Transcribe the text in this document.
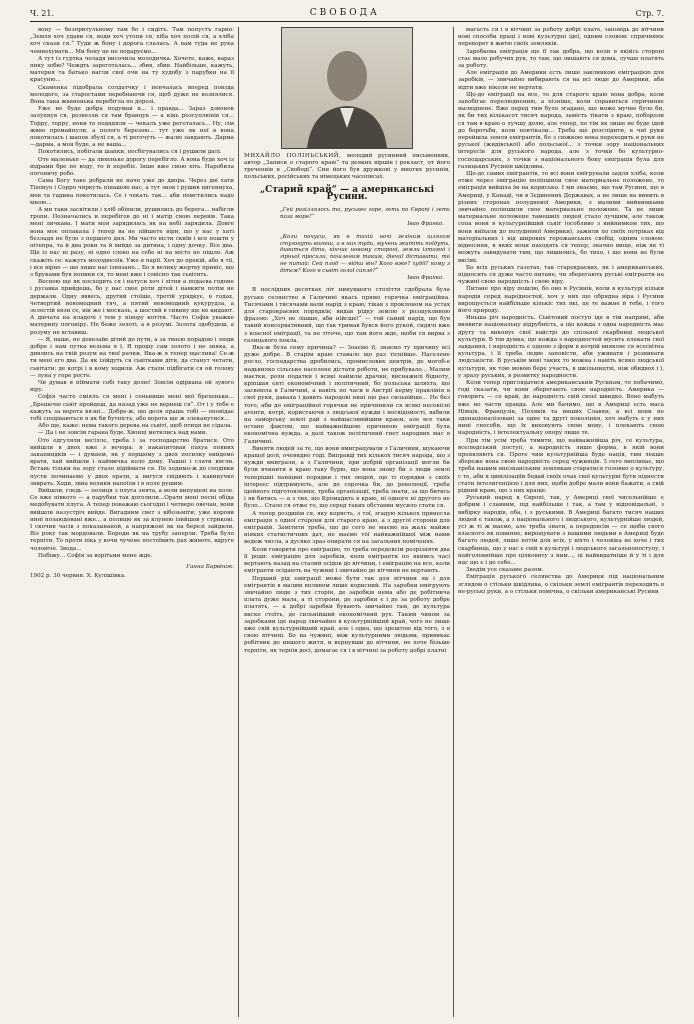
Ч. 21.	СВОБОДА	Стр. 7.

вону — безпритульному там бо і сидітъ. Там попустъ гарно: „Земля хоч удави ся, води хоч утопи ся, хіба хоч полій ся, а хліба хоч скази ся.“ Туди ж бону і дорогa слалась. А вам туда не рука чемнехувати... Ми бону це не подаруємо...

А тут із гуртка чоладя височила молодичка. Хочете, каже, вараз пику зобю? Чеждть зареготалась... збив, збив. Найбільше, кажуть, матерня та батько нагли свої очи на ту худобу з парубки на її красуню...

Скаменка підобрала солдатчку і пенчалась вперед повзда молодого, за старостами перебнаючи ся, щоб дуже не вознялися. Вона така жваненька перебігла по дорозі.

Уже не буде добра подумав я... і правда... Зараз дзвонок залупнув ся, розвезли ся там бранцув — а кінь розсуплюнів ся... Торру, торру, нони то подядяли — чекалъ уже реготалась... Ну, сім живо промайнули, а полого березою... тут уже як неї в вона покотилась і шапок збулї ся, а ті регочуть — жалю завдають. Дарма—дарма, а моя буде, а не ваша...

Покотились, побігали шапки, посбігувались ся і рушили далі.

Оте маленьке — да лихенькe дорогу перебігло. А вона буде хоч із відрами бре по воду, то й перебіє. Інше вже свою хіть. Наробила погоничу робо.

Сама Богу такe добрали не наче уже до двора. Через дві хати Тіхонуо і Сорро чиркуть пінашою нас, а тут знов і рушив цигениуха, мов та гадина покотилась. Се і чекать так... аби помстились надо мною...

А ми таки засвітили і хліб обіпили, рушились до берега... набігли тропи. Позначались и перебігов до ні і матір свою перевів. Така мені личкава. І мати моя зарядилась як на небі зарядила. Довге вона моє оплакала і тепер ва не пійшете віри, що у нас у хаті безладя не було з першого дня. Ми часто вісти скиїи і все пошти у пітепра, та й два роки та й вийде за дитина, і одну дочку. Все два. Ще із нас ні разу, ні одно слово на себе ні на місто не пішло. Аж скажіть се: кажуть молодюсоїв. Уже я парії. Хоч до прекій, або я тії, і все вірно — шо лише нас ізвязано... Бо я велику жертву приніс, що з бруками був попики ся, то мені вже і совісно так сьвітить.

Весною ще як посходить ся і натуси хоч і літня а подаєва годоне і русавка прийдешь, бо у нас свое роти дітей і навкиги потім не держали. Одну вввесь, другий стоїше, третій урядкує, в годах, четвертий новомодний тяч, а пятий невомодний кукурудза, а зелостій вязи се, віи же і москаль, а шостий в сивину ще не кидают. А дівчата на кладочі і тем у півору котіти. Часто Софія уважке материну погоніру. Не беже золоті, а в розумі. Золота здобудеш, а розуму не вставиш.

— Я, наше, не довезайe дітий до пути, а за твоєю порадою і люди добре і нам путка вельма я ї, Я прошу сам золото і не зияка, а дивлись на твій розум на твої рачки. Яка-ж я тепер щаслива! Се-ж ти мені его два. Да як ізійдуть ся сьвітками діти, да станут четати, сьвітати: де котрі і в кому ходили. Аж стали підбігати ся ой голову — луна у горе росте.

Чи думав я пїймати собі таку долю! Зовсім одірвана ой зувого віру.

Софія часто сміялъ ся мені і сеньнише мені мої брехеньки... „Брешечю сьвіт пройдеш, да назад уже не вернеш ся“. От і у тебе є кажуть за ворота вязні... Добре-ж, що доля прашь тобі — оповідає тобі сподіваються я як би бутність, або ворота ще ж злеканутися...

Або ще, каже: нема такого дерева на сьвіті, щоб птиця не сідала.

— Да і не зовсім гарана буде. Хвонці метились над нами.

Ото одгуляли весіллє, треба і за господарство братися. Ото вийшли в двох вже з вечора: я накапитовав пахуа повних закапиндків — і думаем, як у першому з двох посилку вийдемо врати, хай вийшли і наймичка коло дому. Рашні і слати вягли. Вставь тільки на зору стало підіймати ся. Пе ходимо-ж до сподівки пусти починаємо у двох орати, а вигуся свідяють і кавинучко звирать. Ходи, звиа волики напоїли і в поле рушим.

Вийшли, гледь — полиця з плуга знята, а воли випущені на поле. Се вже півкото — a парубки так доголили...Орати мені посні обіда медобувати плуга. А тепер поважаю сьогодні і четверо овечан, вони вийшли назустріч вийде. Вигадним свет з вібозьміти; уже корови нині позаюдовані вже... а полицю як за клунею ізийшов у стрикові. І скочив часів з показываной, а напряжоні як на березі зайдили. Віз року так мордовали. Бороди як на трубу заперли. Треба було терпіти. То проти пікь у вочи чучене постоїмить рах животе, вдруге чоловіче. Звода...

Побіжу... Софія за ворітьми мене жде.

Ганна Барвінок.
1902 р. 30 червня. Х. Кулішівка.
МИХАЙЛО ПОЛІНЬСЬКИЙ, молодий русиниий письменник, автор „Записи о старого краю“ та деяких віршів і рекласт, от його тречеонів в „Свободі“. Син його був дружкові у многих русинів, польських, російських та німецьких часописах.
„Старий край“ — a американські Русини.
„Гей розіллялось то, руськеє горе, геть по Європі і геть поза море!“
Іван Франко.
„Коли почуєш, як в тихій ночі зеліним шляхом стугонуть вагони, а в них туди, мучень житіть поїдуть, дивиться діти, кінчиє новому сторонi, земли ізтомні і гірньої просили, пошленим таким, дівчиї діставати, то не питай: Сей плод — відки він? Кого вже? худії? кому з дітєм? Кого в сьвіт голої сипле?“
Іван Франко.

В послідних десятках літ нинувшого століття сдобрала була руське селянство в Галичині якась прямо горячка еміграційна. Тисячами і тисячами вали нарід з краю; тікав з проклоном на устах для старокраєвих порядків; видав рідку землю з розщукливою фразою: „Хоч не лішше, аби нійсше!“ — той самий нарід, що був такий консервативний, що так тримав бувся його рукой, сидячі вже з власної еміграції, та не тіточе, що там його жде, щоби ся вирва з галицького пекла.

Яка-ж була сему причина? — Зоаємо її, знаємо ту причину всі дуже добре. В старім краю ставало що раз тіснійше. Населене росло, господарства дробились, промислових центрів, де могоб-е надьвилко сільське населене дістати роботи, не прибувало... Малим маєтки, роли податки і всякі наймлы драчки, виснажилі бідноту, кріпшая єнтi економічний і політичний, бо польська шляхта, що засвоюла в Галичині, а навіть по часи в Австрії керму правлінія в свої руки, давала і давить народові нині що раз сильнійше... Не без того, аби до еміграційної горячки не причинили ся всякі несовісні агенти, котрі, користаючи з людської нужди і несвідомості, вабили на заморську землі рай з найшасливійшим краєм, але все таки остане фактом, що найважнійшою причиною еміграції була економічна нужда, а далі також політичний гнет народних мас в Галичині.

Виняти людей за те, що вони вмиграцували з Галичини, шукаючи кращої долі, очевидно годі. Виправді тих кількох тисяч народа, що з нужди вмиграли, а з Галичини, при добрій організації могли би були вчинити в краю таку бурю, що вона знову би з люди землі теперішні панщині порядки і тих людей, що ті порядки з своїх інтереєс підтримують, але до сорочка би, до революції, треба ідейного підготовлення, треба організації, треба знати, за що битись і як битись — а з тих, що Кромадить в краю, ні одного ні другого не було... Стало ся отже то, що серед таких обставин мусило стати ся.

А тепер роздивім ся, яку користь, з тої, згадую кількох принесла еміграція з одної сторони для старого краю, а з другої сторони для еміграцій. Замітити треба, що до сего не маємо на жаль майже ніяких статистичних дат, не маємо тої найважнійшої між нами ведеж числа, а дусяко зраз опирати ся на загальних поміченях.

Коли говорити про еміграцію, то треба передовсім розрізняти два її роди: еміграцію для заробків, коли еміграпти по якимсь часі вертають назад на сталий осідок до вітчини, і еміграцію на все, коли еміграпти осідають на чужині і звичайно до вітчини не вертають.

Перший рід еміграції може бути так для вітчини як і для емігрантів в малим впливом лише корисний. На заробки емігрують звичайно люде з тих сторін, де заробків нема або де робітнича плата дуже мала, а ті сторони, де заробки є і де за роботу добре платять, — а добрі заробки бувають звичайно там, де культура вискe стоїть, де сильнійший економічний рух. Таким чином за заробками іде народ звичайно в культурнійший край, чого не лише вже свій культурнійший край, але і одна, що зрештою від того, з в свою вітчині. Бо на чужині, між культурними людьми, привикає робітник до иншого житя, и вернувши до вітчини, не хоче більше терпіти, як терпів досі, домагає ся і в вітчині за роботу добрі платні

магасть ся і в вітчині за роботу добрі плате, заповідь до вітчини нові способи праці і нові культурні ідеї, одним словом: спричинює переворот в житю своїх земляків.

Заробкова еміграція ще її так добра, що коли в якійсь стороні стає мало робучих рук, то там, що лишають ся дома, лучше платять за роботу.

Але еміграція до Америки єсть лише заклинкою еміграцією для заробків, — звичайно вибирають ся на всі люде до Америки, аби відти вже нікoли не вертати.

Що-до еміграції на все, то для старого краю вона добра, коли запобігає перелюднению, а пізніше, коли справиться спричиняє вылюднене. Вже перед тим було згадано, що може мучне було би, як би тих кількасот тисяч народа, замість тікати з краю, побороли ся там в краю о лучшу долю, але тепер, по тім як лише не буде ідей до боротьби, коли повтікали... Треба ще розслідити, в чиї руки перейшла земля емігрантів, бо з сюжкою вона переходить в руки не руської (жидівської) або польської... з точки зору національних інтересів для руського народа, але з точки бо культурно-господарських, з точки з національного боку еміграція була для галицьких Русинів шкідлива.

Що-до самих емігрантів, то всі вони емігрували задля хліба, коли отже через еміграцію поліпшили свое материальне положене, то еміграція вийшла їм на корисько. І ми знаємо, що там Русини, що в Америці, у Канаді, чи в Зєдинених Державах, а не лише на винить в різних сторонах полудневої Америки, з малими вийнимками звичайно поліпшили свое материальне положене. Та не лише материальне положене тамешніх людей стало лучшим, але також сопа вони в кульгурнійший сьвіт (особливо з вийнимком тих, що вони виїхали до полудневої Америки), зажили по своїх потріках від матеріальних і від широких горожанських свобід, одним словом: відносини, в яких вони находять ся тепер, значно вище, ніж як ті можуть завидувати тим, що лишились, бо тихо, і що вони не були висімі.

Бо всіх руських газетах, так старокраєвих, як і американських, підносить ся дуже часто питане, чи зберегають руські еміграпти на чужині свою народність і свою віру.

Питане про віру пошлю, бо оно в Русинів, коли в культурі кільки народів серед народностей, хоч у них що обрядна віра і Русини вирощується найбільше кількіс тих які, це те важне й тебе, і того його природу.

Иньша річ народність. Сьвітовий поступ іде в тім напрямі, аби виявити національну відрубність, а що кожда з одна народність має другу та виконує свої вайстрі до спільної скарбниці людської культури. В тім думка, що кожда з народностей мусить плекати свої завдання, і народність є одною з форм в котрій виявляє ся всесвітна культура, і її треба ледве заповісти, аби уживати і розвивати людськости. В руськім мові таких то можна і навіть всяко людської культури, як тою мовою бере участь, в шкільництві, ніж обидвох і ї, у зразу руських, в розвитку народности.

Коли тепер приглядатися американським Русинам, то побачимо, годі сказати, чи вони зберегають свою народність. Америка — говорить — се край, де народність свій своєї швидко. Воно мабуть вже но части правда. Але ми бачимо, що в Америці єсть маса Німців, Французів, Поляків та инших Славян, а всі вони не зденаціоналізовані за одне та другі покоління, хоч мабуть є у них нині способи, що їх виховують свою мову, і плекають свою народність, і інтелектуальну опору лише те.

При тім усім треба тямити, що найважнійша річ, се культура, вселюдський поступ, а народність лише форма, в якій вони проявляють ся. Проте чим культурнійша буде нація, тим лекше збереже вона свою народність серед чужинців. З сего випливає, що треба нашим внезнанським землякам старатися головно о культуру, с те, аби в цивілізаціїи бодай своїх очах свої культурні бути піднести стати інтелигенцією і для них, щоби добре мали вони бажати, а свій рідний краю, що з них краще.

Руський народ в Європі, так, у Америці свої чисельнійше є добрим і славним, під найбільше і так, а там у відповідальні, з вибірку народів, оба, і з руськими. В Америці багато тисяч наших людей є також, а з національного і людського, культурнійше людей, усі ж ті ж маємо, але треба знати, а передовсім — се щоби свого власного як повинне, вирощувати з нашими людьми в Америці буде багато людей, лише потім для всіх, у ніхто і чоловіка не хоче і тих скарбниць, що у нас є свій в культурі і людського загальнопоступу, і найголовнійше про цілковиту з ним..., ці найвидатніше й у ті і для нас що є і до себе...

Зведім усе сказане разом.

Еміграція руського селянства до Америки під національним зглядом о стільки шкідлива, о скільки землі емігрантів переходить в не-руські руки, а о стільки помічна, о скільки американські Русини
